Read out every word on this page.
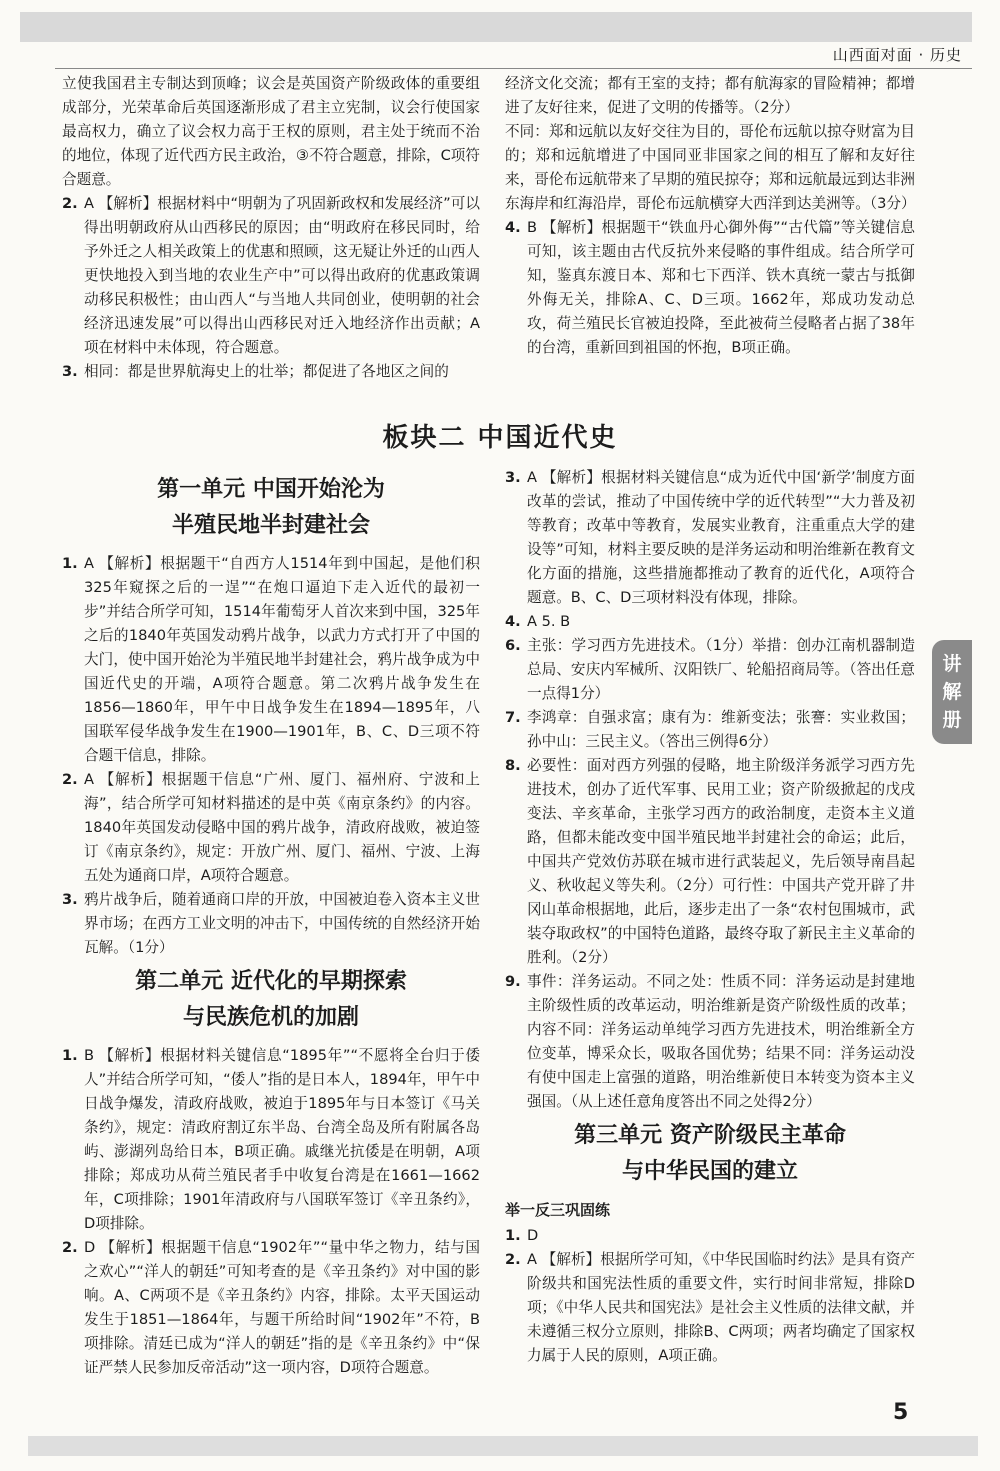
山西面对面 · 历史

立使我国君主专制达到顶峰；议会是英国资产阶级政体的重要组成部分，光荣革命后英国逐渐形成了君主立宪制，议会行使国家最高权力，确立了议会权力高于王权的原则，君主处于统而不治的地位，体现了近代西方民主政治，③不符合题意，排除，C项符合题意。

2. A 【解析】根据材料中“明朝为了巩固新政权和发展经济”可以得出明朝政府从山西移民的原因；由“明政府在移民同时，给予外迁之人相关政策上的优惠和照顾，这无疑让外迁的山西人更快地投入到当地的农业生产中”可以得出政府的优惠政策调动移民积极性；由山西人“与当地人共同创业，使明朝的社会经济迅速发展”可以得出山西移民对迁入地经济作出贡献；A项在材料中未体现，符合题意。
3. 相同：都是世界航海史上的壮举；都促进了各地区之间的

经济文化交流；都有王室的支持；都有航海家的冒险精神；都增进了友好往来，促进了文明的传播等。（2分）

不同：郑和远航以友好交往为目的，哥伦布远航以掠夺财富为目的；郑和远航增进了中国同亚非国家之间的相互了解和友好往来，哥伦布远航带来了早期的殖民掠夺；郑和远航最远到达非洲东海岸和红海沿岸，哥伦布远航横穿大西洋到达美洲等。（3分）

4. B 【解析】根据题干“铁血丹心御外侮”“古代篇”等关键信息可知，该主题由古代反抗外来侵略的事件组成。结合所学可知，鉴真东渡日本、郑和七下西洋、铁木真统一蒙古与抵御外侮无关，排除A、C、D三项。1662年，郑成功发动总攻，荷兰殖民长官被迫投降，至此被荷兰侵略者占据了38年的台湾，重新回到祖国的怀抱，B项正确。
板块二 中国近代史
第一单元 中国开始沦为
半殖民地半封建社会
1. A 【解析】根据题干“自西方人1514年到中国起，是他们积325年窥探之后的一逞”“在炮口逼迫下走入近代的最初一步”并结合所学可知，1514年葡萄牙人首次来到中国，325年之后的1840年英国发动鸦片战争，以武力方式打开了中国的大门，使中国开始沦为半殖民地半封建社会，鸦片战争成为中国近代史的开端，A项符合题意。第二次鸦片战争发生在1856—1860年，甲午中日战争发生在1894—1895年，八国联军侵华战争发生在1900—1901年，B、C、D三项不符合题干信息，排除。
2. A 【解析】根据题干信息“广州、厦门、福州府、宁波和上海”，结合所学可知材料描述的是中英《南京条约》的内容。1840年英国发动侵略中国的鸦片战争，清政府战败，被迫签订《南京条约》，规定：开放广州、厦门、福州、宁波、上海五处为通商口岸，A项符合题意。
3. 鸦片战争后，随着通商口岸的开放，中国被迫卷入资本主义世界市场；在西方工业文明的冲击下，中国传统的自然经济开始瓦解。（1分）
第二单元 近代化的早期探索
与民族危机的加剧
1. B 【解析】根据材料关键信息“1895年”“不愿将全台归于倭人”并结合所学可知，“倭人”指的是日本人，1894年，甲午中日战争爆发，清政府战败，被迫于1895年与日本签订《马关条约》，规定：清政府割辽东半岛、台湾全岛及所有附属各岛屿、澎湖列岛给日本，B项正确。戚继光抗倭是在明朝，A项排除；郑成功从荷兰殖民者手中收复台湾是在1661—1662年，C项排除；1901年清政府与八国联军签订《辛丑条约》，D项排除。
2. D 【解析】根据题干信息“1902年”“量中华之物力，结与国之欢心”“洋人的朝廷”可知考查的是《辛丑条约》对中国的影响。A、C两项不是《辛丑条约》内容，排除。太平天国运动发生于1851—1864年，与题干所给时间“1902年”不符，B项排除。清廷已成为“洋人的朝廷”指的是《辛丑条约》中“保证严禁人民参加反帝活动”这一项内容，D项符合题意。
3. A 【解析】根据材料关键信息“成为近代中国‘新学’制度方面改革的尝试，推动了中国传统中学的近代转型”“大力普及初等教育；改革中等教育，发展实业教育，注重重点大学的建设等”可知，材料主要反映的是洋务运动和明治维新在教育文化方面的措施，这些措施都推动了教育的近代化，A项符合题意。B、C、D三项材料没有体现，排除。
4. A 5. B
6. 主张：学习西方先进技术。（1分）举措：创办江南机器制造总局、安庆内军械所、汉阳铁厂、轮船招商局等。（答出任意一点得1分）
7. 李鸿章：自强求富；康有为：维新变法；张謇：实业救国；孙中山：三民主义。（答出三例得6分）
8. 必要性：面对西方列强的侵略，地主阶级洋务派学习西方先进技术，创办了近代军事、民用工业；资产阶级掀起的戊戌变法、辛亥革命，主张学习西方的政治制度，走资本主义道路，但都未能改变中国半殖民地半封建社会的命运；此后，中国共产党效仿苏联在城市进行武装起义，先后领导南昌起义、秋收起义等失利。（2分）可行性：中国共产党开辟了井冈山革命根据地，此后，逐步走出了一条“农村包围城市，武装夺取政权”的中国特色道路，最终夺取了新民主主义革命的胜利。（2分）
9. 事件：洋务运动。不同之处：性质不同：洋务运动是封建地主阶级性质的改革运动，明治维新是资产阶级性质的改革；内容不同：洋务运动单纯学习西方先进技术，明治维新全方位变革，博采众长，吸取各国优势；结果不同：洋务运动没有使中国走上富强的道路，明治维新使日本转变为资本主义强国。（从上述任意角度答出不同之处得2分）
第三单元 资产阶级民主革命
与中华民国的建立
举一反三巩固练
1. D
2. A 【解析】根据所学可知，《中华民国临时约法》是具有资产阶级共和国宪法性质的重要文件，实行时间非常短，排除D项；《中华人民共和国宪法》是社会主义性质的法律文献，并未遵循三权分立原则，排除B、C两项；两者均确定了国家权力属于人民的原则，A项正确。
讲
解
册
5
